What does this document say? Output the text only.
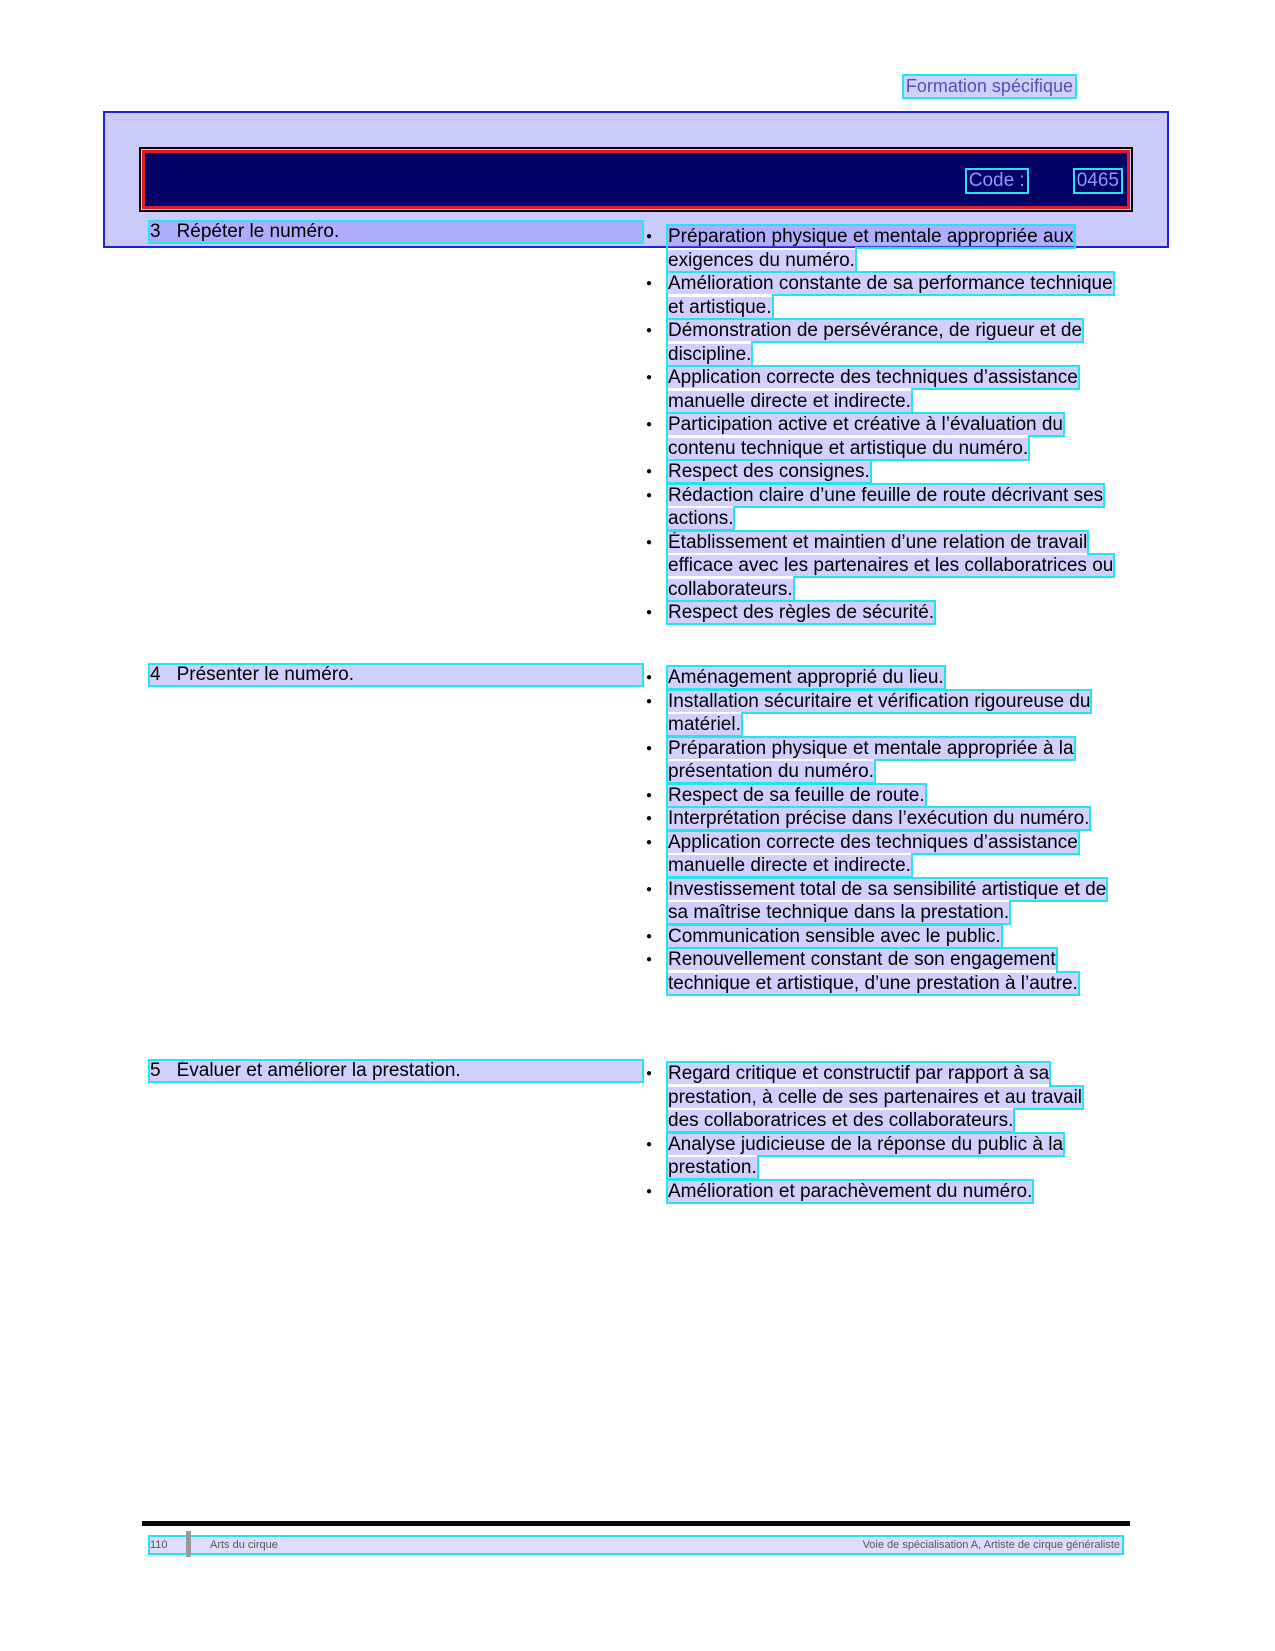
Formation spécifique
Code :	0465
3 Répéter le numéro.	● Préparation physique et mentale appropriée aux exigences du numéro.
● Amélioration constante de sa performance technique et artistique.
● Démonstration de persévérance, de rigueur et de discipline.
● Application correcte des techniques d’assistance manuelle directe et indirecte.
● Participation active et créative à l’évaluation du contenu technique et artistique du numéro.
● Respect des consignes.
● Rédaction claire d’une feuille de route décrivant ses actions.
● Établissement et maintien d’une relation de travail efficace avec les partenaires et les collaboratrices ou collaborateurs.
● Respect des règles de sécurité.
4 Présenter le numéro.	● Aménagement approprié du lieu.
● Installation sécuritaire et vérification rigoureuse du matériel.
● Préparation physique et mentale appropriée à la présentation du numéro.
● Respect de sa feuille de route.
● Interprétation précise dans l’exécution du numéro.
● Application correcte des techniques d’assistance manuelle directe et indirecte.
● Investissement total de sa sensibilité artistique et de sa maîtrise technique dans la prestation.
● Communication sensible avec le public.
● Renouvellement constant de son engagement technique et artistique, d’une prestation à l’autre.
5 Évaluer et améliorer la prestation.	● Regard critique et constructif par rapport à sa prestation, à celle de ses partenaires et au travail des collaboratrices et des collaborateurs.
● Analyse judicieuse de la réponse du public à la prestation.
● Amélioration et parachèvement du numéro.
110	Arts du cirque	Voie de spécialisation A, Artiste de cirque généraliste
